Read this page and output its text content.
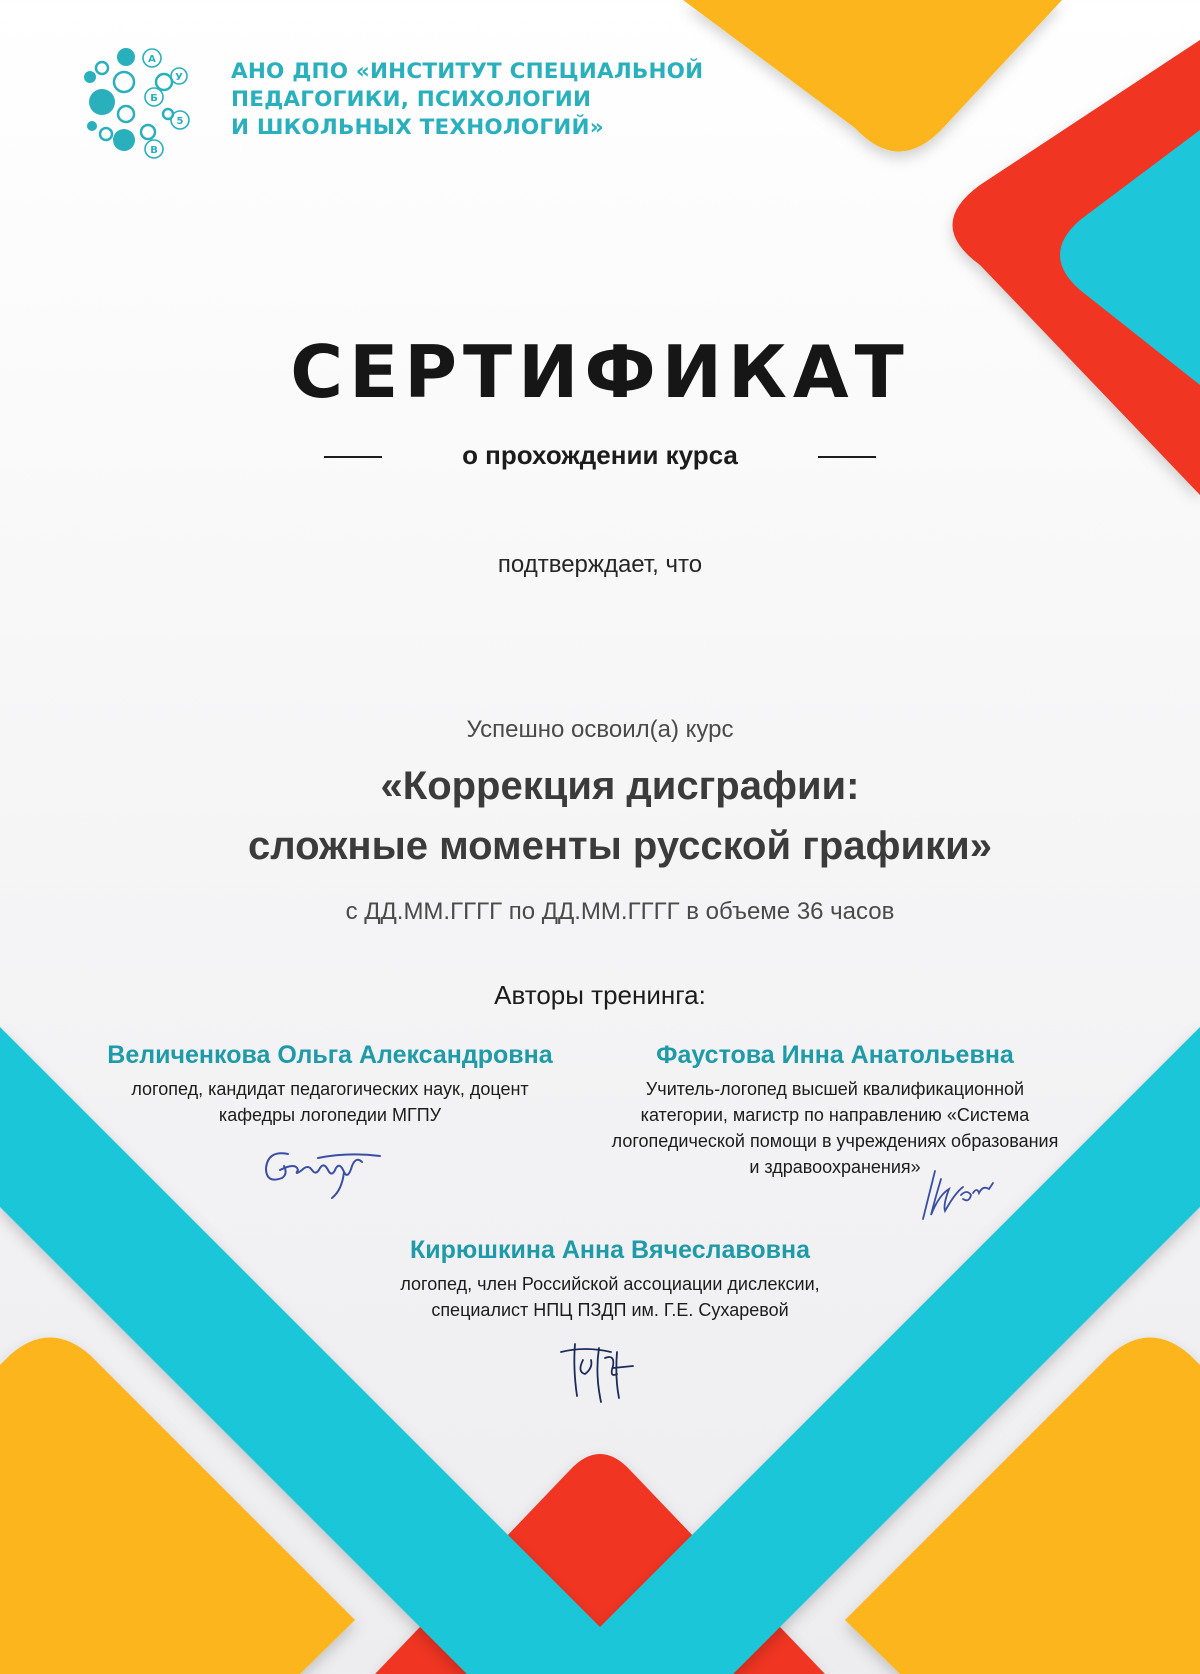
А
Б
В
У
5
АНО ДПО «ИНСТИТУТ СПЕЦИАЛЬНОЙ
ПЕДАГОГИКИ, ПСИХОЛОГИИ
И ШКОЛЬНЫХ ТЕХНОЛОГИЙ»
СЕРТИФИКАТ
о прохождении курса
подтверждает, что
Успешно освоил(а) курс
«Коррекция дисграфии:
сложные моменты русской графики»
с ДД.ММ.ГГГГ по ДД.ММ.ГГГГ в объеме 36 часов
Авторы тренинга:
Величенкова Ольга Александровна
логопед, кандидат педагогических наук, доцент
кафедры логопедии МГПУ
Фаустова Инна Анатольевна
Учитель-логопед высшей квалификационной
категории, магистр по направлению «Система
логопедической помощи в учреждениях образования
и здравоохранения»
Кирюшкина Анна Вячеславовна
логопед, член Российской ассоциации дислексии,
специалист НПЦ ПЗДП им. Г.Е. Сухаревой
